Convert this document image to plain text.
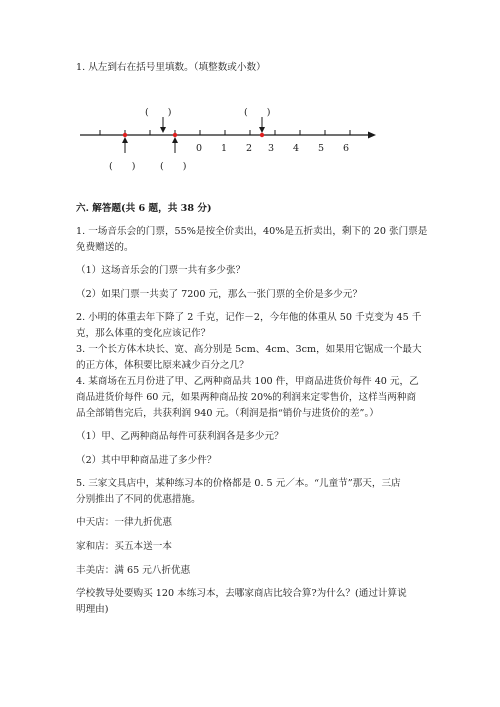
1. 从左到右在括号里填数。（填整数或小数）

(　　)	(　　)
0 1 2 3 4 5 6
(　　)	(　　)

六. 解答题(共 6 题，共 38 分)

1. 一场音乐会的门票，55%是按全价卖出，40%是五折卖出，剩下的 20 张门票是

免费赠送的。

（1）这场音乐会的门票一共有多少张？

（2）如果门票一共卖了 7200 元，那么一张门票的全价是多少元？

2. 小明的体重去年下降了 2 千克，记作－2，今年他的体重从 50 千克变为 45 千

克，那么体重的变化应该记作？

3. 一个长方体木块长、宽、高分别是 5cm、4cm、3cm，如果用它锯成一个最大

的正方体，体积要比原来减少百分之几？

4. 某商场在五月份进了甲、乙两种商品共 100 件，甲商品进货价每件 40 元，乙

商品进货价每件 60 元，如果两种商品按 20%的利润来定零售价，这样当两种商

品全部销售完后，共获利润 940 元。（利润是指“销价与进货价的差”。）

（1）甲、乙两种商品每件可获利润各是多少元？

（2）其中甲种商品进了多少件？

5. 三家文具店中，某种练习本的价格都是 0. 5 元／本。“儿童节”那天，三店

分别推出了不同的优惠措施。

中天店：一律九折优惠

家和店：买五本送一本

丰美店：满 65 元八折优惠

学校教导处要购买 120 本练习本，去哪家商店比较合算?为什么？(通过计算说

明理由)
